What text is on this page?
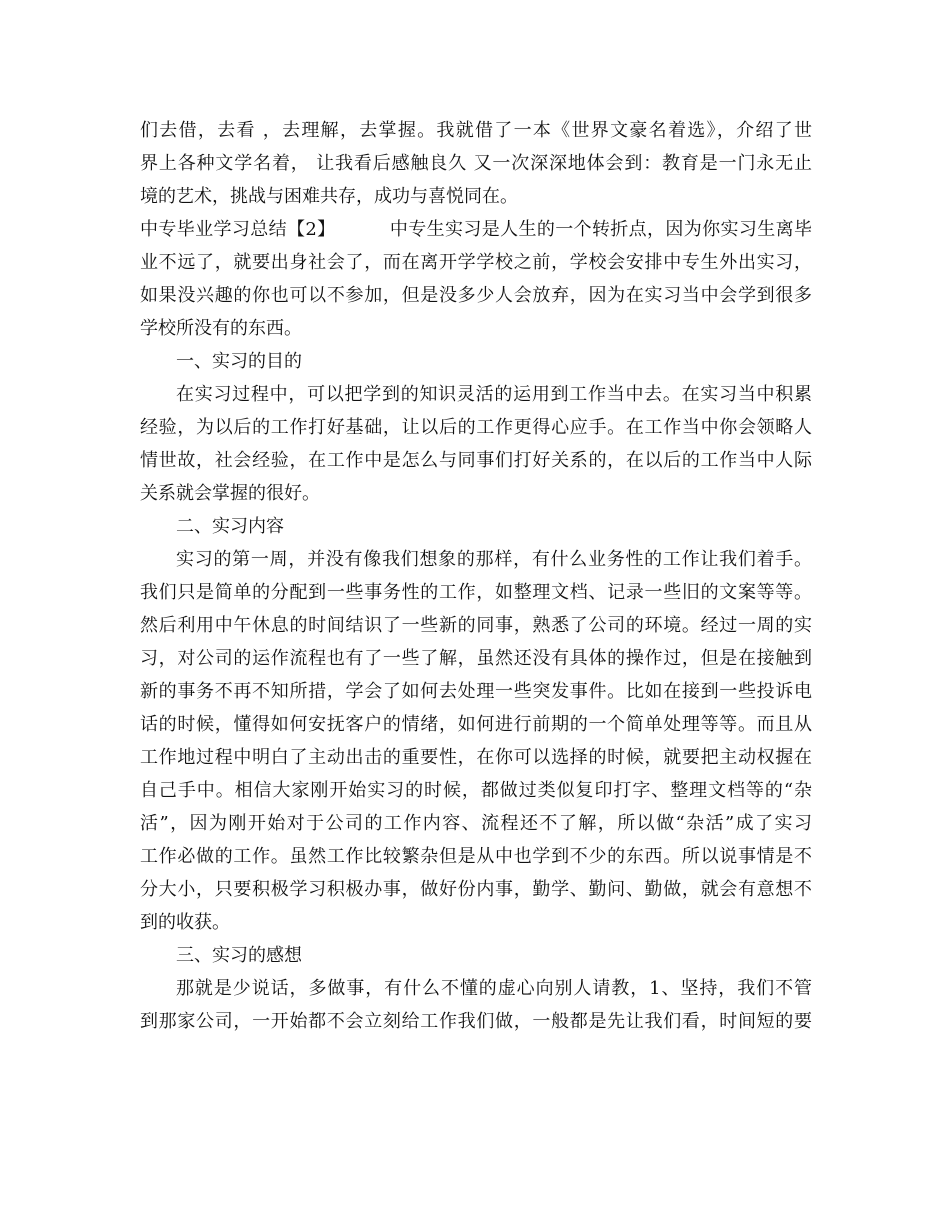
们去借，去看 ，去理解，去掌握。我就借了一本《世界文豪名着选》，介绍了世
界上各种文学名着， 让我看后感触良久 又一次深深地体会到：教育是一门永无止
境的艺术，挑战与困难共存，成功与喜悦同在。
中专毕业学习总结【2】	中专生实习是人生的一个转折点，因为你实习生离毕
业不远了，就要出身社会了，而在离开学学校之前，学校会安排中专生外出实习，
如果没兴趣的你也可以不参加，但是没多少人会放弃，因为在实习当中会学到很多
学校所没有的东西。
一、实习的目的
在实习过程中，可以把学到的知识灵活的运用到工作当中去。在实习当中积累
经验，为以后的工作打好基础，让以后的工作更得心应手。在工作当中你会领略人
情世故，社会经验，在工作中是怎么与同事们打好关系的，在以后的工作当中人际
关系就会掌握的很好。
二、实习内容
实习的第一周，并没有像我们想象的那样，有什么业务性的工作让我们着手。
我们只是简单的分配到一些事务性的工作，如整理文档、记录一些旧的文案等等。
然后利用中午休息的时间结识了一些新的同事，熟悉了公司的环境。经过一周的实
习，对公司的运作流程也有了一些了解，虽然还没有具体的操作过，但是在接触到
新的事务不再不知所措，学会了如何去处理一些突发事件。比如在接到一些投诉电
话的时候，懂得如何安抚客户的情绪，如何进行前期的一个简单处理等等。而且从
工作地过程中明白了主动出击的重要性，在你可以选择的时候，就要把主动权握在
自己手中。相信大家刚开始实习的时候，都做过类似复印打字、整理文档等的“杂
活”，因为刚开始对于公司的工作内容、流程还不了解，所以做“杂活”成了实习
工作必做的工作。虽然工作比较繁杂但是从中也学到不少的东西。所以说事情是不
分大小，只要积极学习积极办事，做好份内事，勤学、勤问、勤做，就会有意想不
到的收获。
三、实习的感想
那就是少说话，多做事，有什么不懂的虚心向别人请教，1、坚持，我们不管
到那家公司，一开始都不会立刻给工作我们做，一般都是先让我们看，时间短的要
